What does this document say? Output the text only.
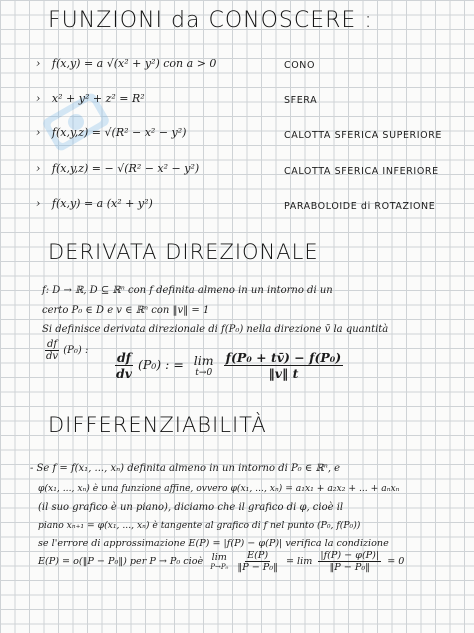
FUNZIONI da CONOSCERE :
› f(x,y) = a √(x² + y²) con a > 0	CONO
› x² + y² + z² = R²	SFERA
› f(x,y,z) = √(R² − x² − y²)	CALOTTA SFERICA SUPERIORE
› f(x,y,z) = − √(R² − x² − y²)	CALOTTA SFERICA INFERIORE
› f(x,y) = a (x² + y²)	PARABOLOIDE di ROTAZIONE
DERIVATA DIREZIONALE
f: D → ℝ, D ⊆ ℝⁿ con f definita almeno in un intorno di un
certo P₀ ∈ D e v ∈ ℝⁿ con ‖v‖ = 1
Si definisce derivata direzionale di f(P₀) nella direzione v̄ la quantità
$\frac{df}{dv} (P_0)$ : $\frac{df}{dv} (P_0)$ : = lim
t→0
$\frac{\text{f(P₀ + tv̄) − f(P₀)}}{‖v‖ t}$
DIFFERENZIABILITÀ
- Se f = f(x₁, ..., xₙ) definita almeno in un intorno di P₀ ∈ ℝⁿ, e
φ(x₁, ..., xₙ) è una funzione affine, ovvero φ(x₁, ..., xₙ) = a₁x₁ + a₂x₂ + ... + aₙxₙ
(il suo grafico è un piano), diciamo che il grafico di φ, cioè il
piano xₙ₊₁ = φ(x₁, ..., xₙ) è tangente al grafico di f nel punto (P₀, f(P₀))
se l'errore di approssimazione E(P) = |f(P) − φ(P)| verifica la condizione
E(P) = o(‖P − P₀‖) per P → P₀ cioè lim
P→P₀
$\frac{E(P)}{\text{‖P − P₀‖}} = \lim \frac{|f(P) - \varphi(P)|}{\text{‖P − P₀‖}} = 0$
